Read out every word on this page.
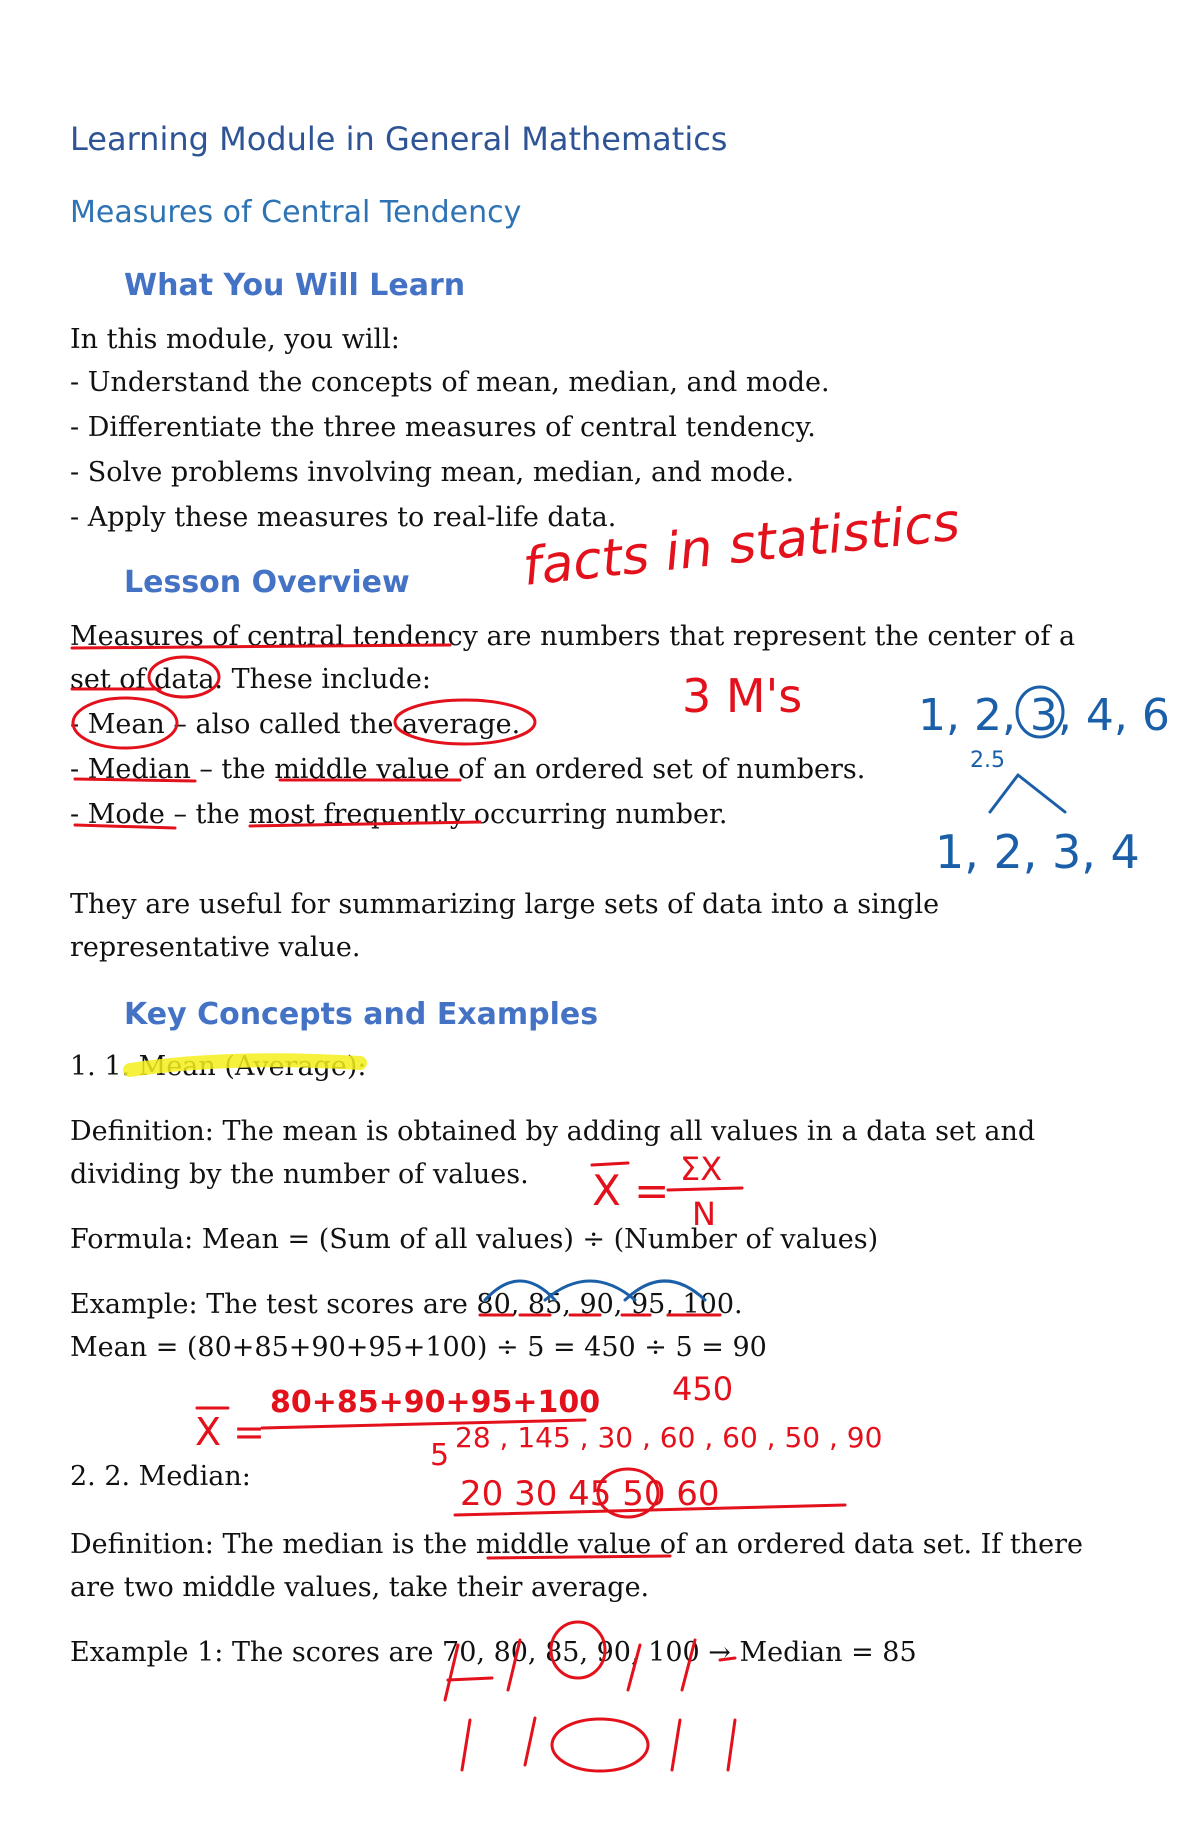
Learning Module in General Mathematics
Measures of Central Tendency
What You Will Learn
In this module, you will:
- Understand the concepts of mean, median, and mode.
- Differentiate the three measures of central tendency.
- Solve problems involving mean, median, and mode.
- Apply these measures to real-life data.
Lesson Overview
Measures of central tendency are numbers that represent the center of a
set of data. These include:
- Mean – also called the average.
- Median – the middle value of an ordered set of numbers.
- Mode – the most frequently occurring number.
They are useful for summarizing large sets of data into a single
representative value.
Key Concepts and Examples
1. 1. Mean (Average):
Definition: The mean is obtained by adding all values in a data set and
dividing by the number of values.
Formula: Mean = (Sum of all values) ÷ (Number of values)
Example: The test scores are 80, 85, 90, 95, 100.
Mean = (80+85+90+95+100) ÷ 5 = 450 ÷ 5 = 90
2. 2. Median:
Definition: The median is the middle value of an ordered data set. If there
are two middle values, take their average.
Example 1: The scores are 70, 80, 85, 90, 100 → Median = 85
facts in statistics
3 M's	1, 2, 3, 4, 6
2.5
1, 2, 3, 4
X = ΣX
N
X =
80+85+90+95+100
5
450
28 , 145 , 30 , 60 , 60 , 50 , 90
20 30 45 50 60
